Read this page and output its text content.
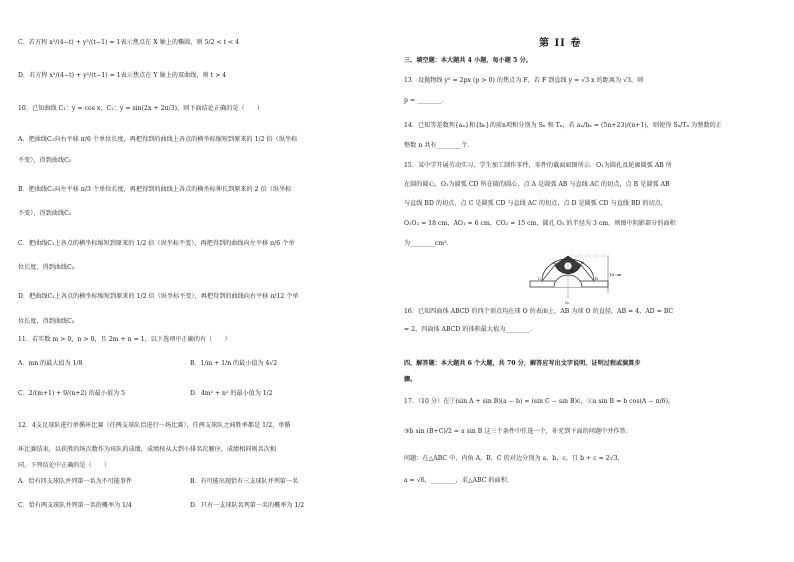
C．若方程 x²/(4−t) + y²/(t−1) = 1表示焦点在 X 轴上的椭圆，则 5/2 < t < 4
D．若方程 x²/(4−t) + y²/(t−1) = 1表示焦点在 Y 轴上的双曲线，则 t > 4
10．已知曲线 C₁：y = cos x，C₂：y = sin(2x + 2π/3)，则下面结论正确的是（　　）
A．把曲线C₁向右平移 π/6 个单位长度，再把得到的曲线上各点的横坐标缩短到原来的 1/2 倍（纵坐标
不变），得到曲线C₂
B．把曲线C₁向左平移 π/3 个单位长度，再把得到的曲线上各点的横坐标伸长到原来的 2 倍（纵坐标
不变），得到曲线C₂
C．把曲线C₁上各点的横坐标缩短到原来的 1/2 倍（纵坐标不变），再把得到的曲线向左平移 π/6 个单
位长度，得到曲线C₂
D．把曲线C₁上各点的横坐标缩短到原来的 1/2 倍（纵坐标不变），再把得到的曲线向右平移 π/12 个单
位长度，得到曲线C₂
11．若实数 m > 0，n > 0，且 2m + n = 1，以下选项中正确的有（　　）
A．mn 的最大值为 1/8	B．1/m + 1/n 的最小值为 4√2
C．2/(m+1) + 9/(n+2) 的最小值为 5	D．4m² + n² 的最小值为 1/2
12．4支足球队进行单循环比赛（任两支球队恰进行一场比赛），任两支球队之间胜率都是 1/2，单循
环比赛结束，以获胜的场次数作为该队的成绩，成绩按从大到小排名次顺序，成绩相同则名次相
同，下列结论中正确的是（　　）
A．恰有四支球队并列第一名为不可能事件	B．有可能出现恰有三支球队并列第一名
C．恰有两支球队并列第一名的概率为 1/4	D．只有一支球队名列第一名的概率为 1/2
第 II 卷
三、填空题：本大题共 4 小题，每小题 5 分。
13．设抛物线 y² = 2px (p > 0) 的焦点为 F，若 F 到直线 y = √3 x 的距离为 √3，则
p = ________．
14．已知等差数列{aₙ}和{bₙ}的前n项和分别为 Sₙ 和 Tₙ，若 aₙ/bₙ = (5n+23)/(n+1)，则使得 Sₙ/Tₙ 为整数的正
整数 n 共有________个．
15．某中学开展劳动实习，学生加工制作零件，零件的截面如图所示．O₁为圆孔及轮廓圆弧 AB 所
在圆的圆心，O₂为圆弧 CD 所在圆的圆心，点 A 是圆弧 AB 与直线 AC 的切点，点 B 是圆弧 AB
与直线 BD 的切点，点 C 是圆弧 CD 与直线 AC 的切点，点 D 是圆弧 CD 与直线 BD 的切点，
O₁O₂ = 18 cm，AO₁ = 6 cm，CO₂ = 15 cm，圆孔 O₁ 的半径为 3 cm，则图中阴影部分的面积
为________cm²．
16．已知四面体 ABCD 的四个顶点均在球 O 的表面上，AB 为球 O 的直径，AB = 4，AD = BC
= 2，四面体 ABCD 的体积最大值为________．
四、解答题：本大题共 6 个大题，共 70 分，解答应写出文字说明、证明过程或演算步
骤。
17．（10 分）在①(sin A + sin B)(a − b) = (sin C − sin B)c，②a sin B = b cos(A − π/6)，
③b sin (B+C)/2 = a sin B 这三个条件中任选一个，补充到下面的问题中并作答．
问题：在△ABC 中，内角 A，B，C 的对边分别为 a，b，c，且 b + c = 2√3，
a = √6，________，求△ABC 的面积．
18 cm
A	B
C	D
O₁
O₂
